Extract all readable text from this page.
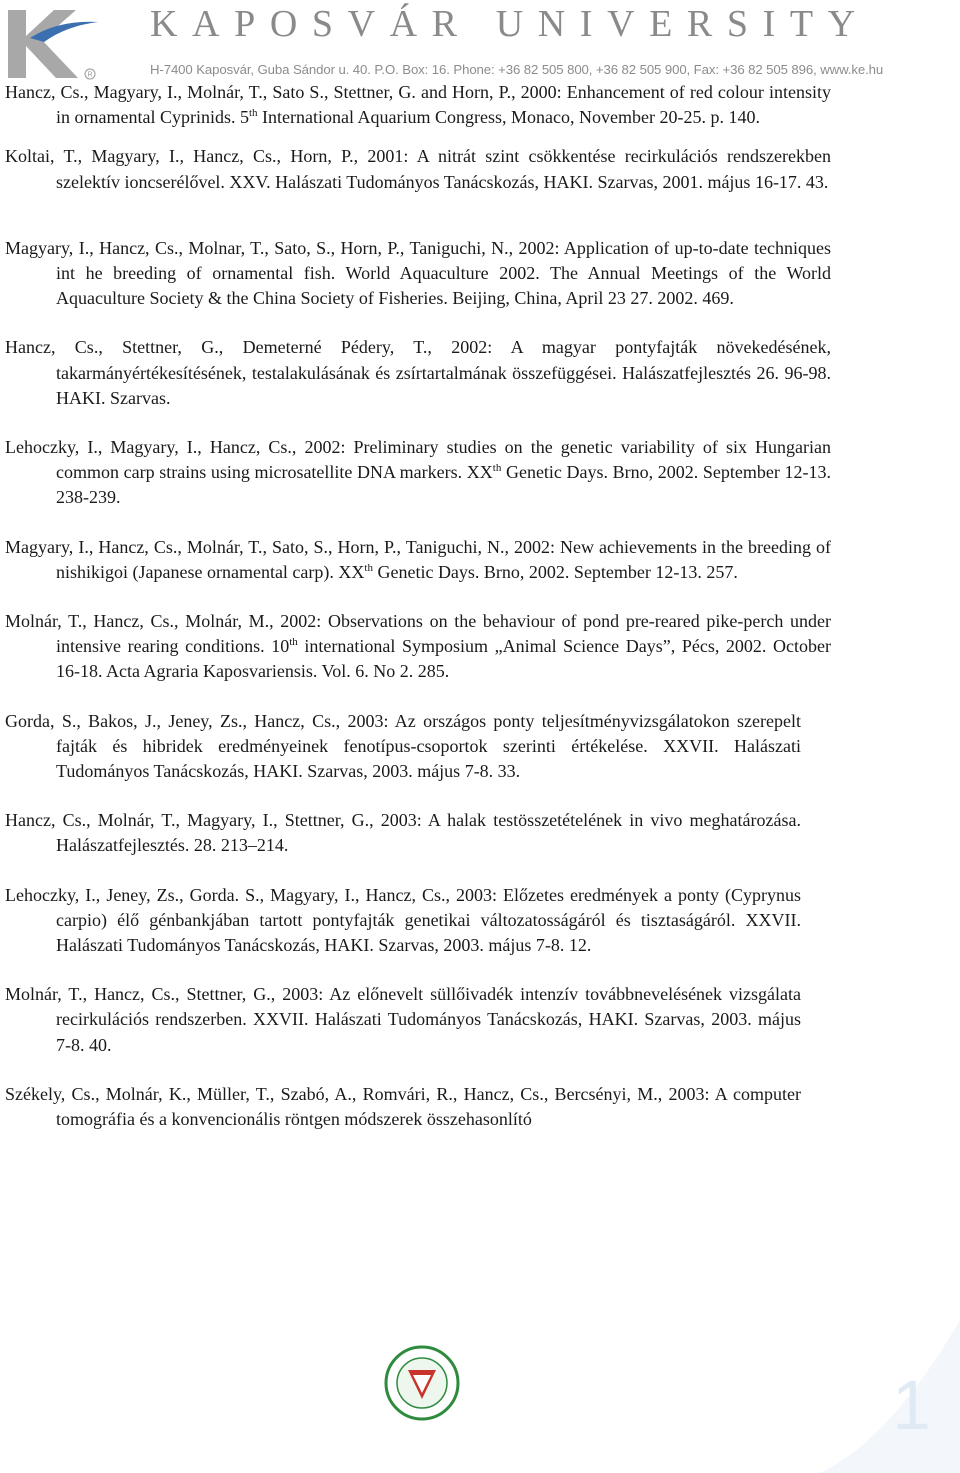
R
KAPOSVÁR UNIVERSITY
H-7400 Kaposvár, Guba Sándor u. 40. P.O. Box: 16. Phone: +36 82 505 800, +36 82 505 900, Fax: +36 82 505 896, www.ke.hu

Hancz, Cs., Magyary, I., Molnár, T., Sato S., Stettner, G. and Horn, P., 2000: Enhancement of red colour intensity in ornamental Cyprinids. 5th International Aquarium Congress, Monaco, November 20-25. p. 140.

Koltai, T., Magyary, I., Hancz, Cs., Horn, P., 2001: A nitrát szint csökkentése recirkulációs rendszerekben szelektív ioncserélővel. XXV. Halászati Tudományos Tanácskozás, HAKI. Szarvas, 2001. május 16-17. 43.

Magyary, I., Hancz, Cs., Molnar, T., Sato, S., Horn, P., Taniguchi, N., 2002: Application of up-to-date techniques int he breeding of ornamental fish. World Aquaculture 2002. The Annual Meetings of the World Aquaculture Society & the China Society of Fisheries. Beijing, China, April 23 27. 2002. 469.

Hancz, Cs., Stettner, G., Demeterné Pédery, T., 2002: A magyar pontyfajták növekedésének, takarmányértékesítésének, testalakulásának és zsírtartalmának összefüggései. Halászatfejlesztés 26. 96-98. HAKI. Szarvas.

Lehoczky, I., Magyary, I., Hancz, Cs., 2002: Preliminary studies on the genetic variability of six Hungarian common carp strains using microsatellite DNA markers. XXth Genetic Days. Brno, 2002. September 12-13. 238-239.

Magyary, I., Hancz, Cs., Molnár, T., Sato, S., Horn, P., Taniguchi, N., 2002: New achievements in the breeding of nishikigoi (Japanese ornamental carp). XXth Genetic Days. Brno, 2002. September 12-13. 257.

Molnár, T., Hancz, Cs., Molnár, M., 2002: Observations on the behaviour of pond pre-reared pike-perch under intensive rearing conditions. 10th international Symposium „Animal Science Days”, Pécs, 2002. October 16-18. Acta Agraria Kaposvariensis. Vol. 6. No 2. 285.

Gorda, S., Bakos, J., Jeney, Zs., Hancz, Cs., 2003: Az országos ponty teljesítményvizsgálatokon szerepelt fajták és hibridek eredményeinek fenotípus-csoportok szerinti értékelése. XXVII. Halászati Tudományos Tanácskozás, HAKI. Szarvas, 2003. május 7-8. 33.

Hancz, Cs., Molnár, T., Magyary, I., Stettner, G., 2003: A halak testösszetételének in vivo meghatározása. Halászatfejlesztés. 28. 213–214.

Lehoczky, I., Jeney, Zs., Gorda. S., Magyary, I., Hancz, Cs., 2003: Előzetes eredmények a ponty (Cyprynus carpio) élő génbankjában tartott pontyfajták genetikai változatosságáról és tisztaságáról. XXVII. Halászati Tudományos Tanácskozás, HAKI. Szarvas, 2003. május 7-8. 12.

Molnár, T., Hancz, Cs., Stettner, G., 2003: Az előnevelt süllőivadék intenzív továbbnevelésének vizsgálata recirkulációs rendszerben. XXVII. Halászati Tudományos Tanácskozás, HAKI. Szarvas, 2003. május 7-8. 40.

Székely, Cs., Molnár, K., Müller, T., Szabó, A., Romvári, R., Hancz, Cs., Bercsényi, M., 2003: A computer tomográfia és a konvencionális röntgen módszerek összehasonlító

1
